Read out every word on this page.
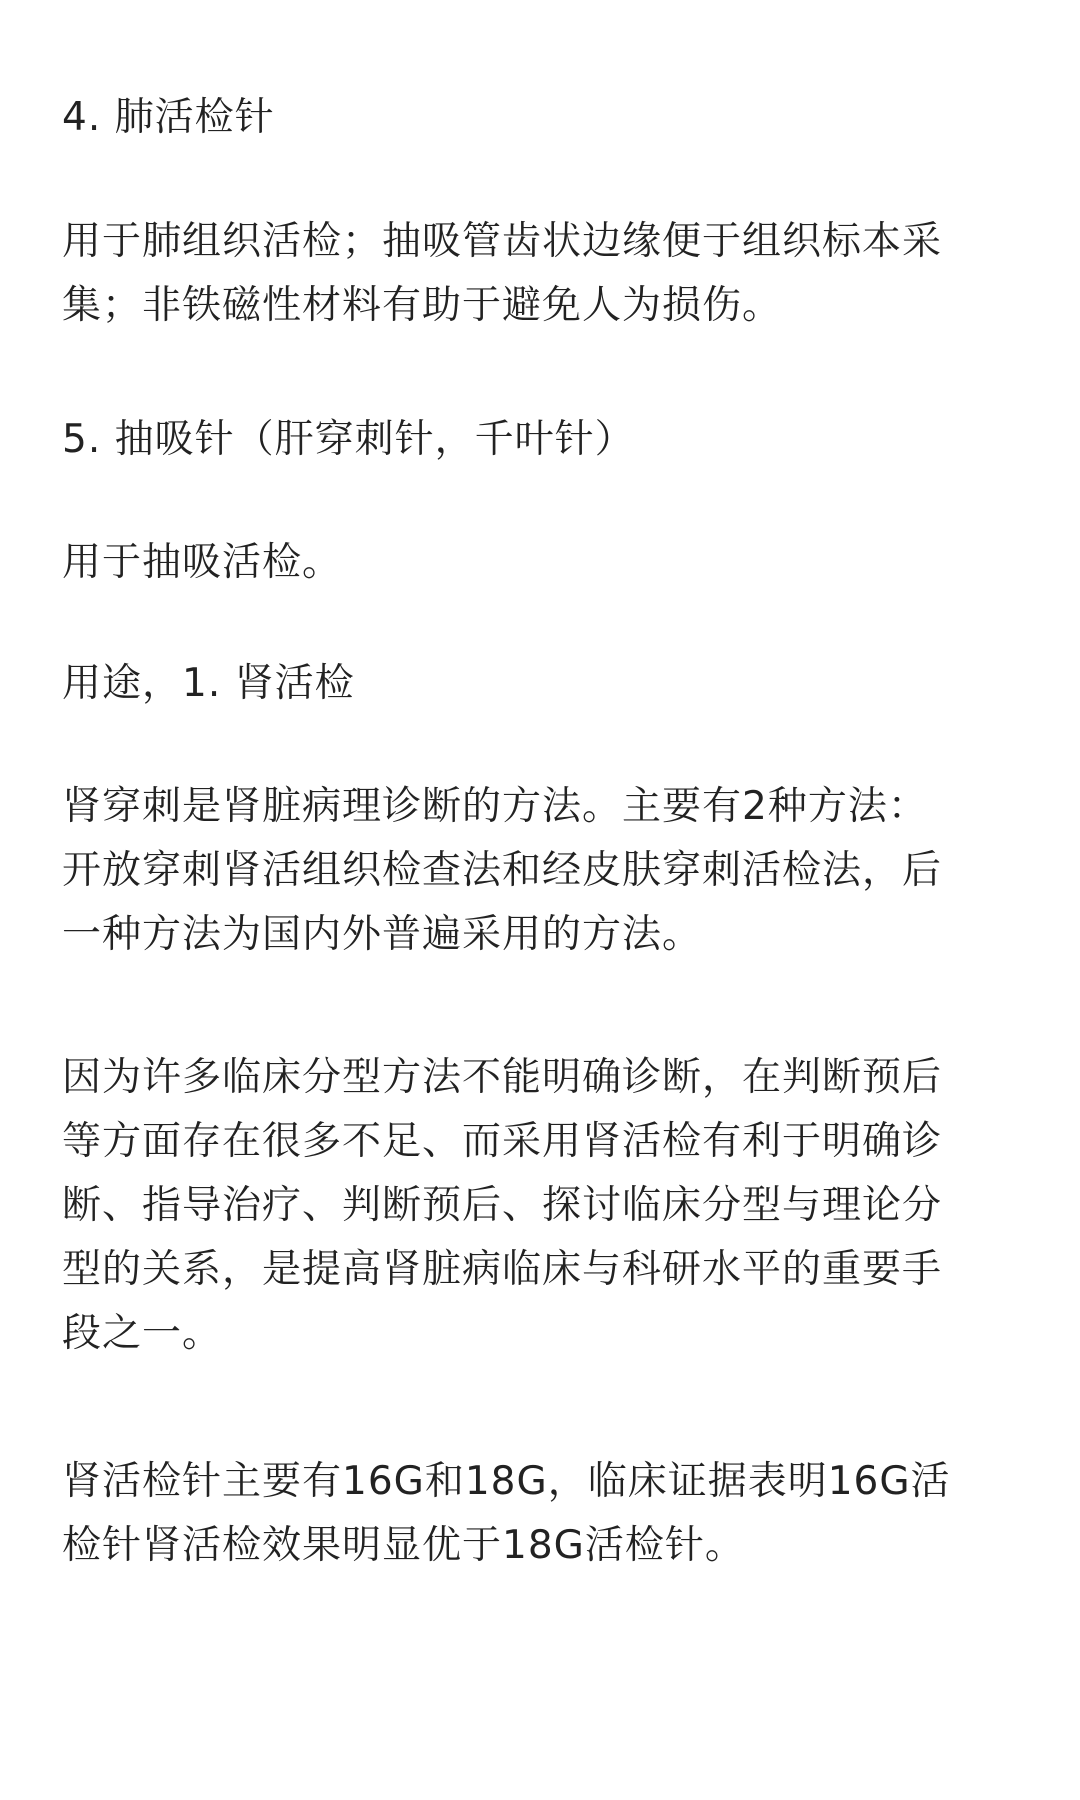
4. 肺活检针

用于肺组织活检；抽吸管齿状边缘便于组织标本采
集；非铁磁性材料有助于避免人为损伤。

5. 抽吸针（肝穿刺针，千叶针）

用于抽吸活检。

用途，1. 肾活检

肾穿刺是肾脏病理诊断的方法。主要有2种方法：
开放穿刺肾活组织检查法和经皮肤穿刺活检法，后
一种方法为国内外普遍采用的方法。

因为许多临床分型方法不能明确诊断，在判断预后
等方面存在很多不足、而采用肾活检有利于明确诊
断、指导治疗、判断预后、探讨临床分型与理论分
型的关系，是提高肾脏病临床与科研水平的重要手
段之一。

肾活检针主要有16G和18G，临床证据表明16G活
检针肾活检效果明显优于18G活检针。
